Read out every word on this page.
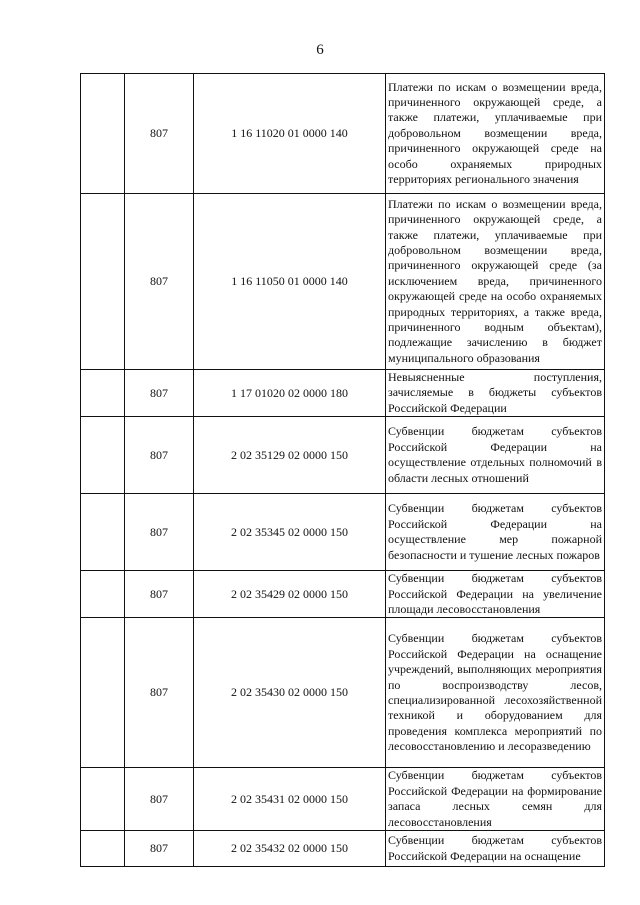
6
	807	1 16 11020 01 0000 140	Платежи по искам о возмещении вреда, причиненного окружающей среде, а также платежи, уплачиваемые при добровольном возмещении вреда, причиненного окружающей среде на особо охраняемых природных территориях регионального значения

	807	1 16 11050 01 0000 140	Платежи по искам о возмещении вреда, причиненного окружающей среде, а также платежи, уплачиваемые при добровольном возмещении вреда, причиненного окружающей среде (за исключением вреда, причиненного окружающей среде на особо охраняемых природных территориях, а также вреда, причиненного водным объектам), подлежащие зачислению в бюджет муниципального образования

	807	1 17 01020 02 0000 180	Невыясненные поступления, зачисляемые в бюджеты субъектов Российской Федерации

	807	2 02 35129 02 0000 150	Субвенции бюджетам субъектов Российской Федерации на осуществление отдельных полномочий в области лесных отношений

	807	2 02 35345 02 0000 150	Субвенции бюджетам субъектов Российской Федерации на осуществление мер пожарной безопасности и тушение лесных пожаров

	807	2 02 35429 02 0000 150	Субвенции бюджетам субъектов Российской Федерации на увеличение площади лесовосстановления

	807	2 02 35430 02 0000 150	Субвенции бюджетам субъектов Российской Федерации на оснащение учреждений, выполняющих мероприятия по воспроизводству лесов, специализированной лесохозяйственной техникой и оборудованием для проведения комплекса мероприятий по лесовосстановлению и лесоразведению

	807	2 02 35431 02 0000 150	Субвенции бюджетам субъектов Российской Федерации на формирование запаса лесных семян для лесовосстановления

	807	2 02 35432 02 0000 150	Субвенции бюджетам субъектов Российской Федерации на оснащение
